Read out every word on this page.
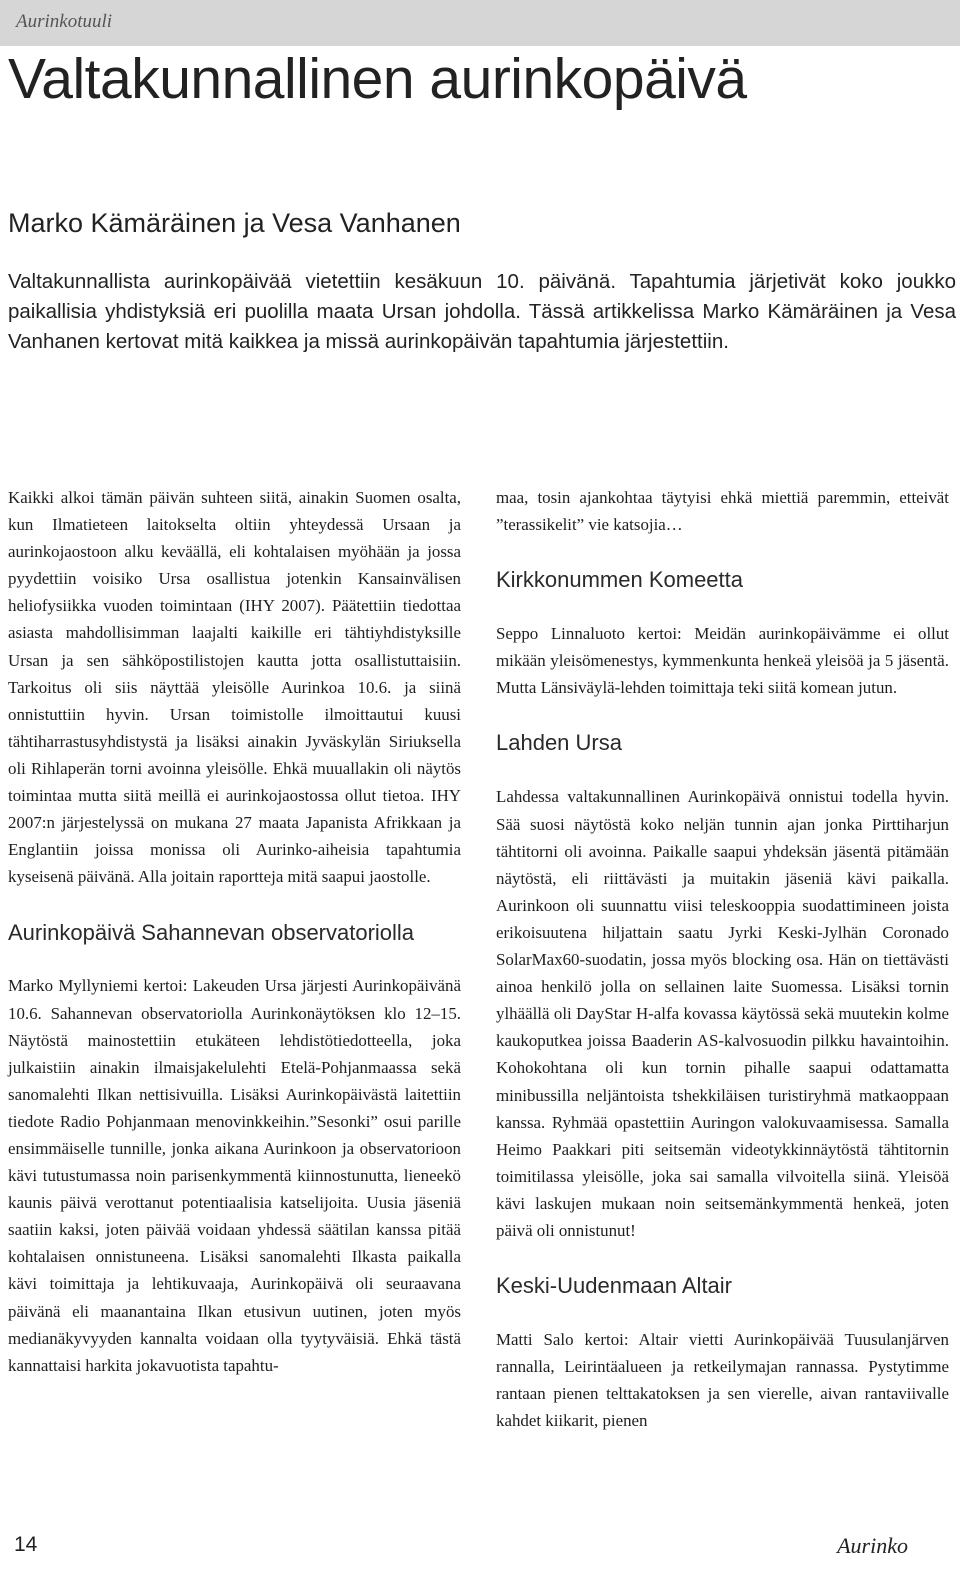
Aurinkotuuli
Valtakunnallinen aurinkopäivä

Marko Kämäräinen ja Vesa Vanhanen

Valtakunnallista aurinkopäivää vietettiin kesäkuun 10. päivänä. Tapahtumia järjetivät koko joukko paikallisia yhdistyksiä eri puolilla maata Ursan johdolla. Tässä artikkelissa Marko Kämäräinen ja Vesa Vanhanen kertovat mitä kaikkea ja missä aurinkopäivän tapahtumia järjestettiin.

Kaikki alkoi tämän päivän suhteen siitä, ainakin Suomen osalta, kun Ilmatieteen laitokselta oltiin yhteydessä Ursaan ja aurinkojaostoon alku keväällä, eli kohtalaisen myöhään ja jossa pyydettiin voisiko Ursa osallistua jotenkin Kansainvälisen heliofysiikka vuoden toimintaan (IHY 2007). Päätettiin tiedottaa asiasta mahdollisimman laajalti kaikille eri tähtiyhdistyksille Ursan ja sen sähköpostilistojen kautta jotta osallistuttaisiin. Tarkoitus oli siis näyttää yleisölle Aurinkoa 10.6. ja siinä onnistuttiin hyvin. Ursan toimistolle ilmoittautui kuusi tähtiharrastusyhdistystä ja lisäksi ainakin Jyväskylän Siriuksella oli Rihlaperän torni avoinna yleisölle. Ehkä muuallakin oli näytös toimintaa mutta siitä meillä ei aurinkojaostossa ollut tietoa. IHY 2007:n järjestelyssä on mukana 27 maata Japanista Afrikkaan ja Englantiin joissa monissa oli Aurinko-aiheisia tapahtumia kyseisenä päivänä. Alla joitain raportteja mitä saapui jaostolle.

Aurinkopäivä Sahannevan observatoriolla

Marko Myllyniemi kertoi: Lakeuden Ursa järjesti Aurinkopäivänä 10.6. Sahannevan observatoriolla Aurinkonäytöksen klo 12–15. Näytöstä mainostettiin etukäteen lehdistötiedotteella, joka julkaistiin ainakin ilmaisjakelulehti Etelä-Pohjanmaassa sekä sanomalehti Ilkan nettisivuilla. Lisäksi Aurinkopäivästä laitettiin tiedote Radio Pohjanmaan menovinkkeihin.”Sesonki” osui parille ensimmäiselle tunnille, jonka aikana Aurinkoon ja observatorioon kävi tutustumassa noin parisenkymmentä kiinnostunutta, lieneekö kaunis päivä verottanut potentiaalisia katselijoita. Uusia jäseniä saatiin kaksi, joten päivää voidaan yhdessä säätilan kanssa pitää kohtalaisen onnistuneena. Lisäksi sanomalehti Ilkasta paikalla kävi toimittaja ja lehtikuvaaja, Aurinkopäivä oli seuraavana päivänä eli maanantaina Ilkan etusivun uutinen, joten myös medianäkyvyyden kannalta voidaan olla tyytyväisiä. Ehkä tästä kannattaisi harkita jokavuotista tapahtu-

maa, tosin ajankohtaa täytyisi ehkä miettiä paremmin, etteivät ”terassikelit” vie katsojia…

Kirkkonummen Komeetta

Seppo Linnaluoto kertoi: Meidän aurinkopäivämme ei ollut mikään yleisömenestys, kymmenkunta henkeä yleisöä ja 5 jäsentä. Mutta Länsiväylä-lehden toimittaja teki siitä komean jutun.

Lahden Ursa

Lahdessa valtakunnallinen Aurinkopäivä onnistui todella hyvin. Sää suosi näytöstä koko neljän tunnin ajan jonka Pirttiharjun tähtitorni oli avoinna. Paikalle saapui yhdeksän jäsentä pitämään näytöstä, eli riittävästi ja muitakin jäseniä kävi paikalla. Aurinkoon oli suunnattu viisi teleskooppia suodattimineen joista erikoisuutena hiljattain saatu Jyrki Keski-Jylhän Coronado SolarMax60-suodatin, jossa myös blocking osa. Hän on tiettävästi ainoa henkilö jolla on sellainen laite Suomessa. Lisäksi tornin ylhäällä oli DayStar H-alfa kovassa käytössä sekä muutekin kolme kaukoputkea joissa Baaderin AS-kalvosuodin pilkku havaintoihin. Kohokohtana oli kun tornin pihalle saapui odattamatta minibussilla neljäntoista tshekkiläisen turistiryhmä matkaoppaan kanssa. Ryhmää opastettiin Auringon valokuvaamisessa. Samalla Heimo Paakkari piti seitsemän videotykkinnäytöstä tähtitornin toimitilassa yleisölle, joka sai samalla vilvoitella siinä. Yleisöä kävi laskujen mukaan noin seitsemänkymmentä henkeä, joten päivä oli onnistunut!

Keski-Uudenmaan Altair

Matti Salo kertoi: Altair vietti Aurinkopäivää Tuusulanjärven rannalla, Leirintäalueen ja retkeilymajan rannassa. Pystytimme rantaan pienen telttakatoksen ja sen vierelle, aivan rantaviivalle kahdet kiikarit, pienen

14	Aurinko
